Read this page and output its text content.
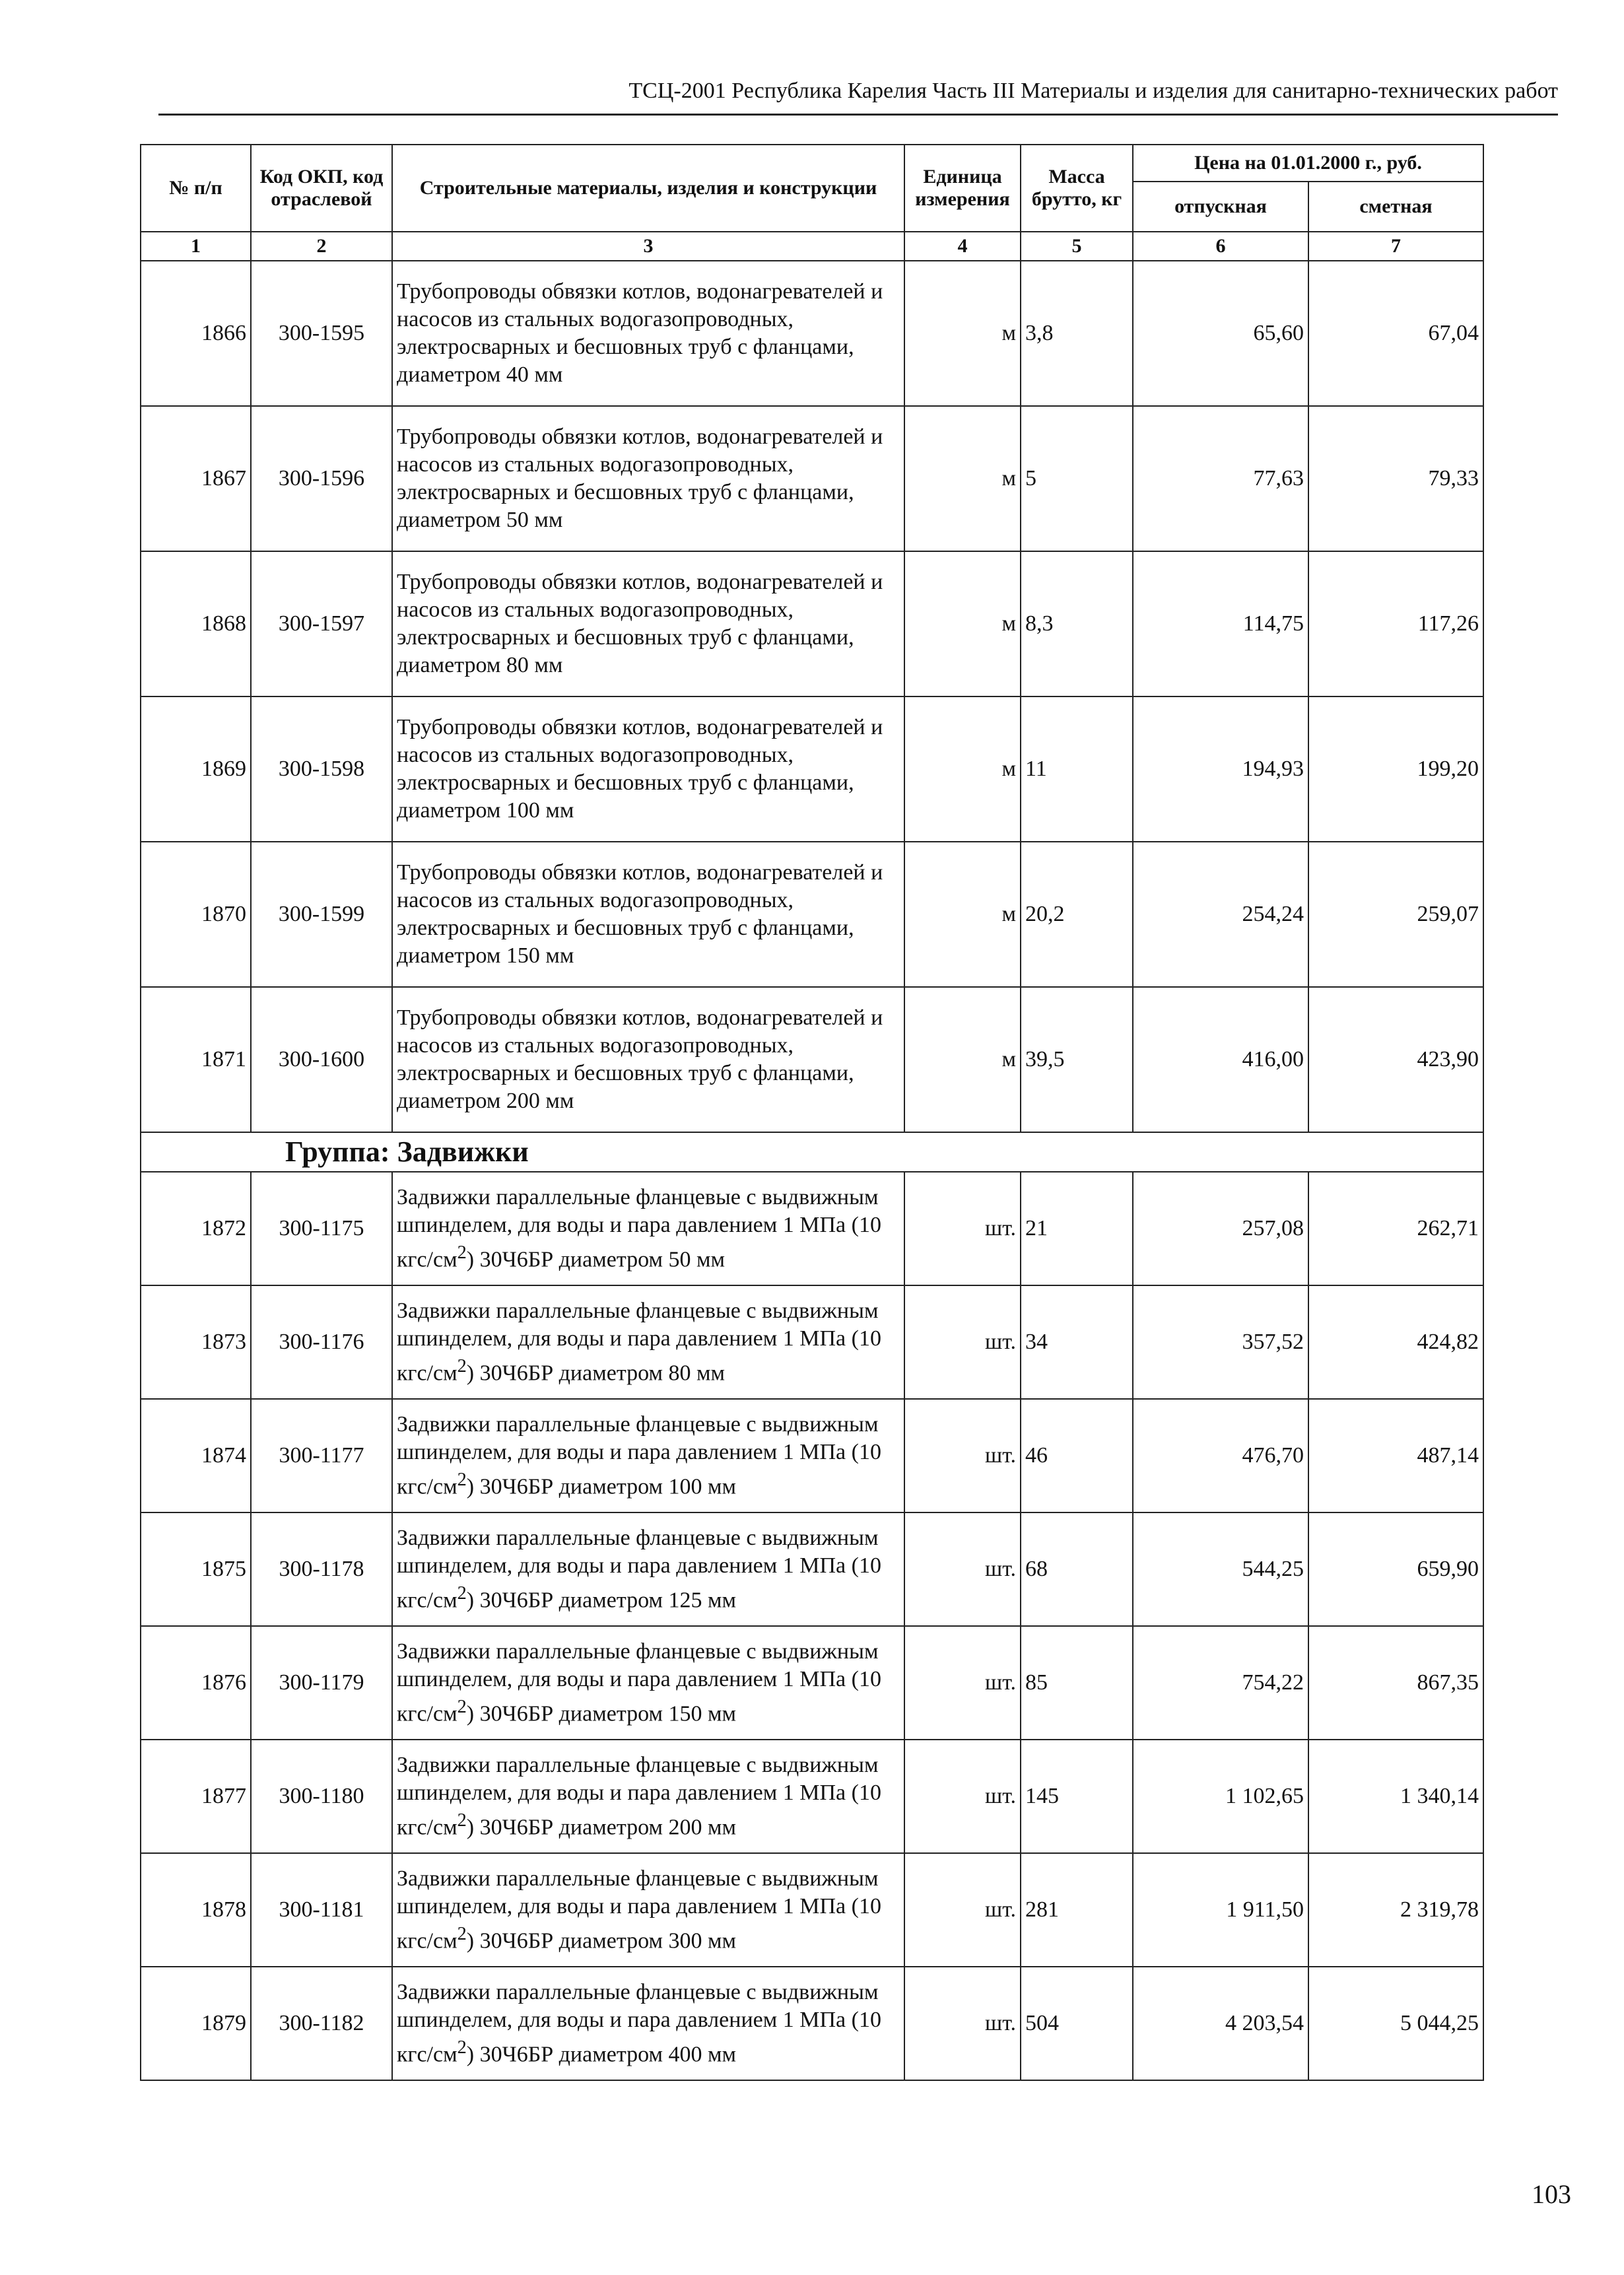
ТСЦ-2001 Республика Карелия Часть III Материалы и изделия для санитарно-технических работ
№ п/п	Код ОКП, код отраслевой	Строительные материалы, изделия и конструкции	Единица измерения	Масса брутто, кг	Цена на 01.01.2000 г., руб.	
					отпускная	сметная
1	2	3	4	5	6	7
1866	300-1595	Трубопроводы обвязки котлов, водонагревателей и насосов из стальных водогазопроводных, электросварных и бесшовных труб с фланцами, диаметром 40 мм	м	3,8	65,60	67,04
1867	300-1596	Трубопроводы обвязки котлов, водонагревателей и насосов из стальных водогазопроводных, электросварных и бесшовных труб с фланцами, диаметром 50 мм	м	5	77,63	79,33
1868	300-1597	Трубопроводы обвязки котлов, водонагревателей и насосов из стальных водогазопроводных, электросварных и бесшовных труб с фланцами, диаметром 80 мм	м	8,3	114,75	117,26
1869	300-1598	Трубопроводы обвязки котлов, водонагревателей и насосов из стальных водогазопроводных, электросварных и бесшовных труб с фланцами, диаметром 100 мм	м	11	194,93	199,20
1870	300-1599	Трубопроводы обвязки котлов, водонагревателей и насосов из стальных водогазопроводных, электросварных и бесшовных труб с фланцами, диаметром 150 мм	м	20,2	254,24	259,07
1871	300-1600	Трубопроводы обвязки котлов, водонагревателей и насосов из стальных водогазопроводных, электросварных и бесшовных труб с фланцами, диаметром 200 мм	м	39,5	416,00	423,90
Группа: Задвижки						
1872	300-1175	Задвижки параллельные фланцевые с выдвижным шпинделем, для воды и пара давлением 1 МПа (10 кгс/$см^2$) 30Ч6БР диаметром 50 мм	шт.	21	257,08	262,71
1873	300-1176	Задвижки параллельные фланцевые с выдвижным шпинделем, для воды и пара давлением 1 МПа (10 кгс/$см^2$) 30Ч6БР диаметром 80 мм	шт.	34	357,52	424,82
1874	300-1177	Задвижки параллельные фланцевые с выдвижным шпинделем, для воды и пара давлением 1 МПа (10 кгс/$см^2$) 30Ч6БР диаметром 100 мм	шт.	46	476,70	487,14
1875	300-1178	Задвижки параллельные фланцевые с выдвижным шпинделем, для воды и пара давлением 1 МПа (10 кгс/$см^2$) 30Ч6БР диаметром 125 мм	шт.	68	544,25	659,90
1876	300-1179	Задвижки параллельные фланцевые с выдвижным шпинделем, для воды и пара давлением 1 МПа (10 кгс/$см^2$) 30Ч6БР диаметром 150 мм	шт.	85	754,22	867,35
1877	300-1180	Задвижки параллельные фланцевые с выдвижным шпинделем, для воды и пара давлением 1 МПа (10 кгс/$см^2$) 30Ч6БР диаметром 200 мм	шт.	145	1 102,65	1 340,14
1878	300-1181	Задвижки параллельные фланцевые с выдвижным шпинделем, для воды и пара давлением 1 МПа (10 кгс/$см^2$) 30Ч6БР диаметром 300 мм	шт.	281	1 911,50	2 319,78
1879	300-1182	Задвижки параллельные фланцевые с выдвижным шпинделем, для воды и пара давлением 1 МПа (10 кгс/$см^2$) 30Ч6БР диаметром 400 мм	шт.	504	4 203,54	5 044,25
103
